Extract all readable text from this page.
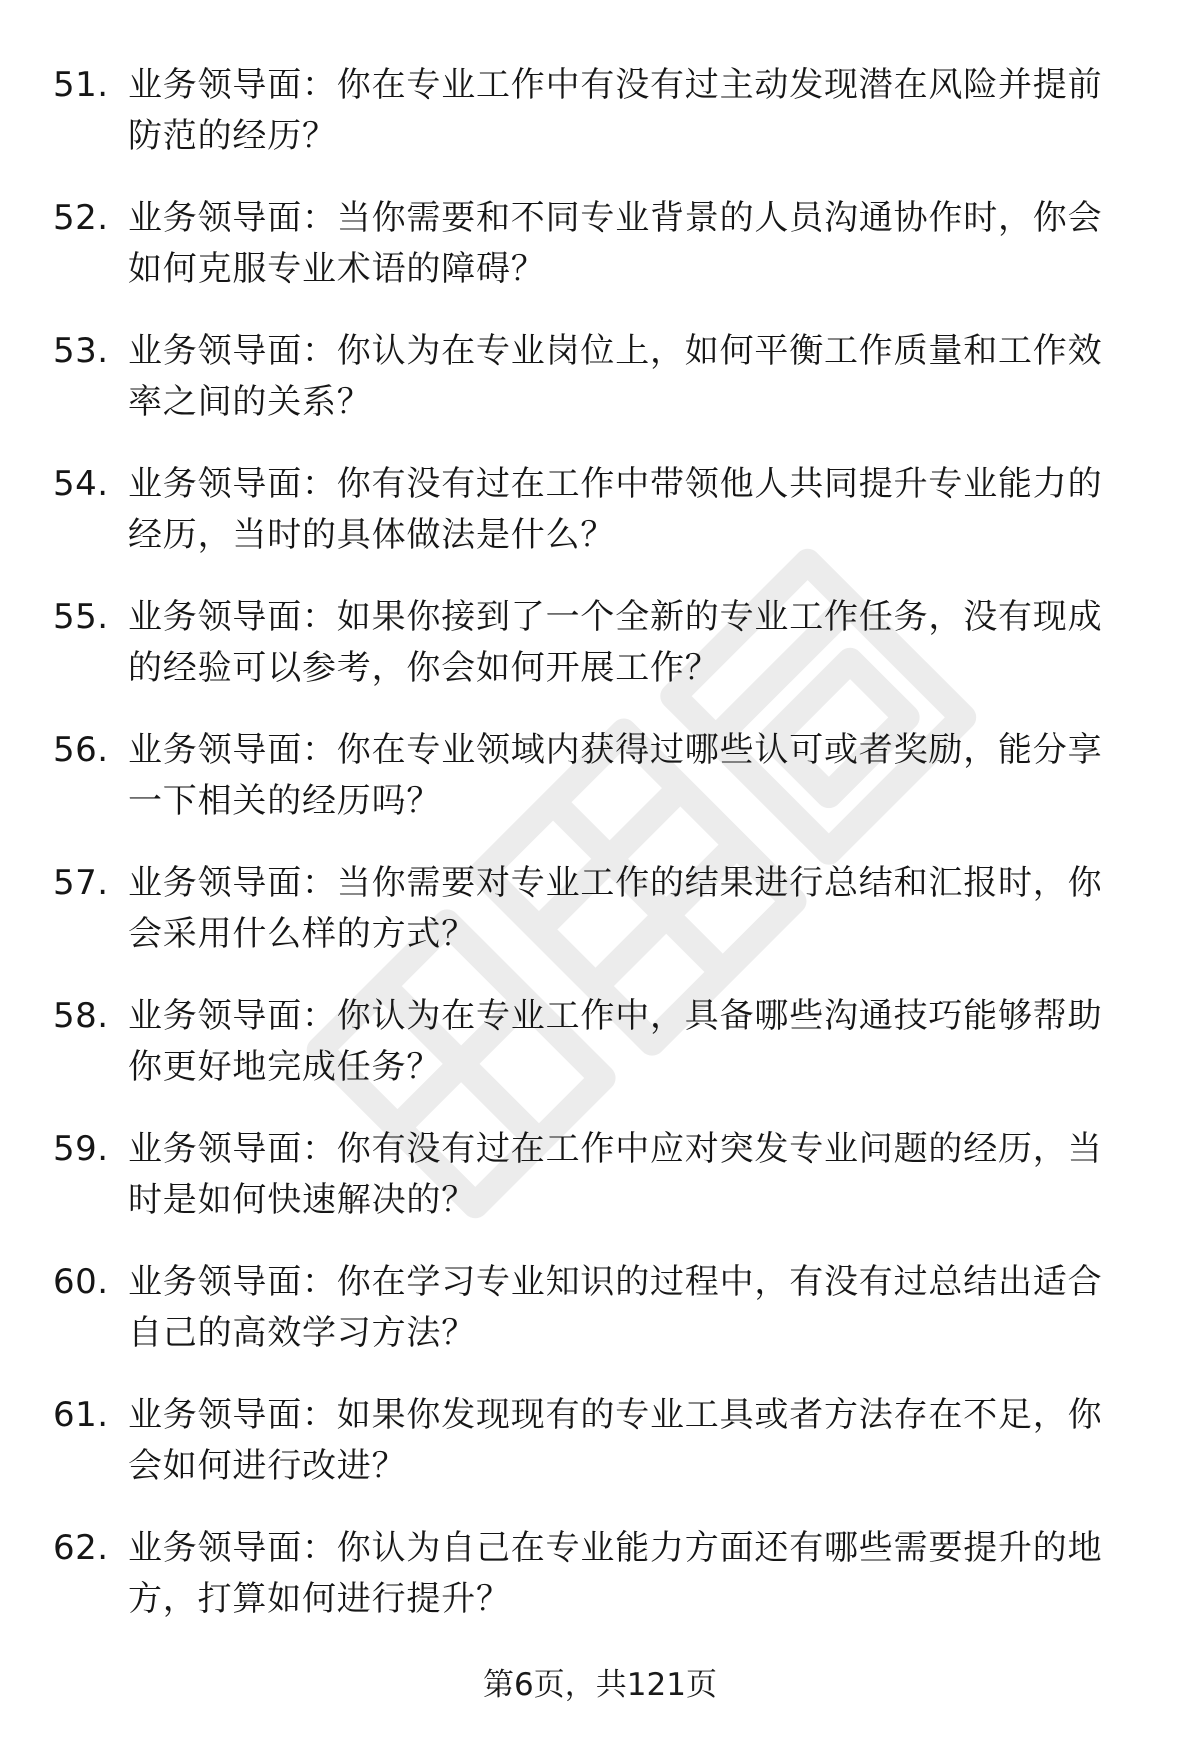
51. 业务领导面：你在专业工作中有没有过主动发现潜在风险并提前防范的经历？
52. 业务领导面：当你需要和不同专业背景的人员沟通协作时，你会如何克服专业术语的障碍？
53. 业务领导面：你认为在专业岗位上，如何平衡工作质量和工作效率之间的关系？
54. 业务领导面：你有没有过在工作中带领他人共同提升专业能力的经历，当时的具体做法是什么？
55. 业务领导面：如果你接到了一个全新的专业工作任务，没有现成的经验可以参考，你会如何开展工作？
56. 业务领导面：你在专业领域内获得过哪些认可或者奖励，能分享一下相关的经历吗？
57. 业务领导面：当你需要对专业工作的结果进行总结和汇报时，你会采用什么样的方式？
58. 业务领导面：你认为在专业工作中，具备哪些沟通技巧能够帮助你更好地完成任务？
59. 业务领导面：你有没有过在工作中应对突发专业问题的经历，当时是如何快速解决的？
60. 业务领导面：你在学习专业知识的过程中，有没有过总结出适合自己的高效学习方法？
61. 业务领导面：如果你发现现有的专业工具或者方法存在不足，你会如何进行改进？
62. 业务领导面：你认为自己在专业能力方面还有哪些需要提升的地方，打算如何进行提升？
第6页，共121页
